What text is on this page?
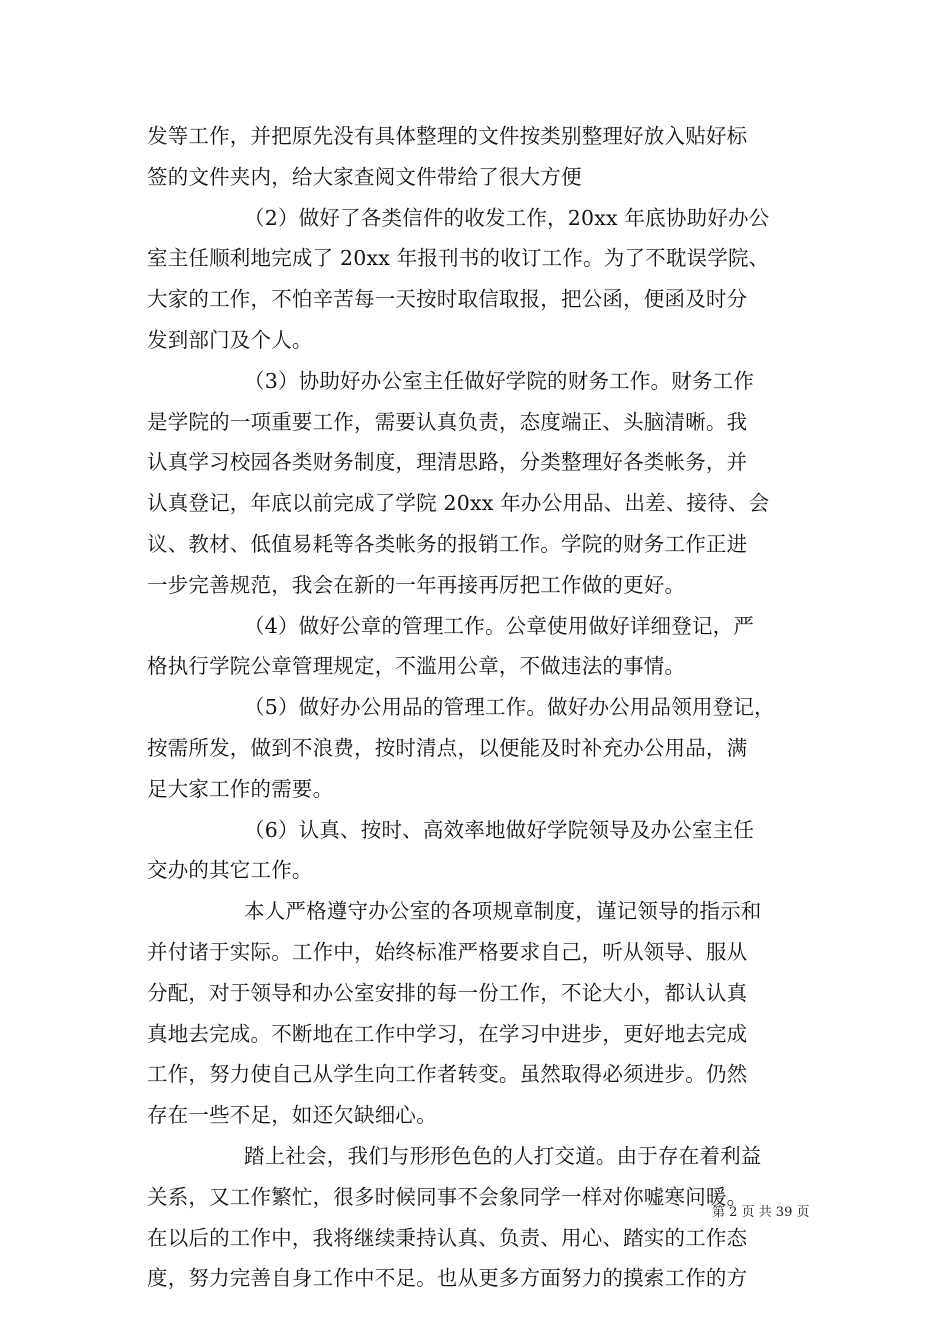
发等工作，并把原先没有具体整理的文件按类别整理好放入贴好标
签的文件夹内，给大家查阅文件带给了很大方便
（2）做好了各类信件的收发工作，20xx 年底协助好办公
室主任顺利地完成了 20xx 年报刊书的收订工作。为了不耽误学院、
大家的工作，不怕辛苦每一天按时取信取报，把公函，便函及时分
发到部门及个人。
（3）协助好办公室主任做好学院的财务工作。财务工作
是学院的一项重要工作，需要认真负责，态度端正、头脑清晰。我
认真学习校园各类财务制度，理清思路，分类整理好各类帐务，并
认真登记，年底以前完成了学院 20xx 年办公用品、出差、接待、会
议、教材、低值易耗等各类帐务的报销工作。学院的财务工作正进
一步完善规范，我会在新的一年再接再厉把工作做的更好。
（4）做好公章的管理工作。公章使用做好详细登记，严
格执行学院公章管理规定，不滥用公章，不做违法的事情。
（5）做好办公用品的管理工作。做好办公用品领用登记，
按需所发，做到不浪费，按时清点，以便能及时补充办公用品，满
足大家工作的需要。
（6）认真、按时、高效率地做好学院领导及办公室主任
交办的其它工作。
本人严格遵守办公室的各项规章制度，谨记领导的指示和
并付诸于实际。工作中，始终标准严格要求自己，听从领导、服从
分配，对于领导和办公室安排的每一份工作，不论大小，都认认真
真地去完成。不断地在工作中学习，在学习中进步，更好地去完成
工作，努力使自己从学生向工作者转变。虽然取得必须进步。仍然
存在一些不足，如还欠缺细心。
踏上社会，我们与形形色色的人打交道。由于存在着利益
关系，又工作繁忙，很多时候同事不会象同学一样对你嘘寒问暖。
在以后的工作中，我将继续秉持认真、负责、用心、踏实的工作态
度，努力完善自身工作中不足。也从更多方面努力的摸索工作的方
第 2 页 共 39 页
